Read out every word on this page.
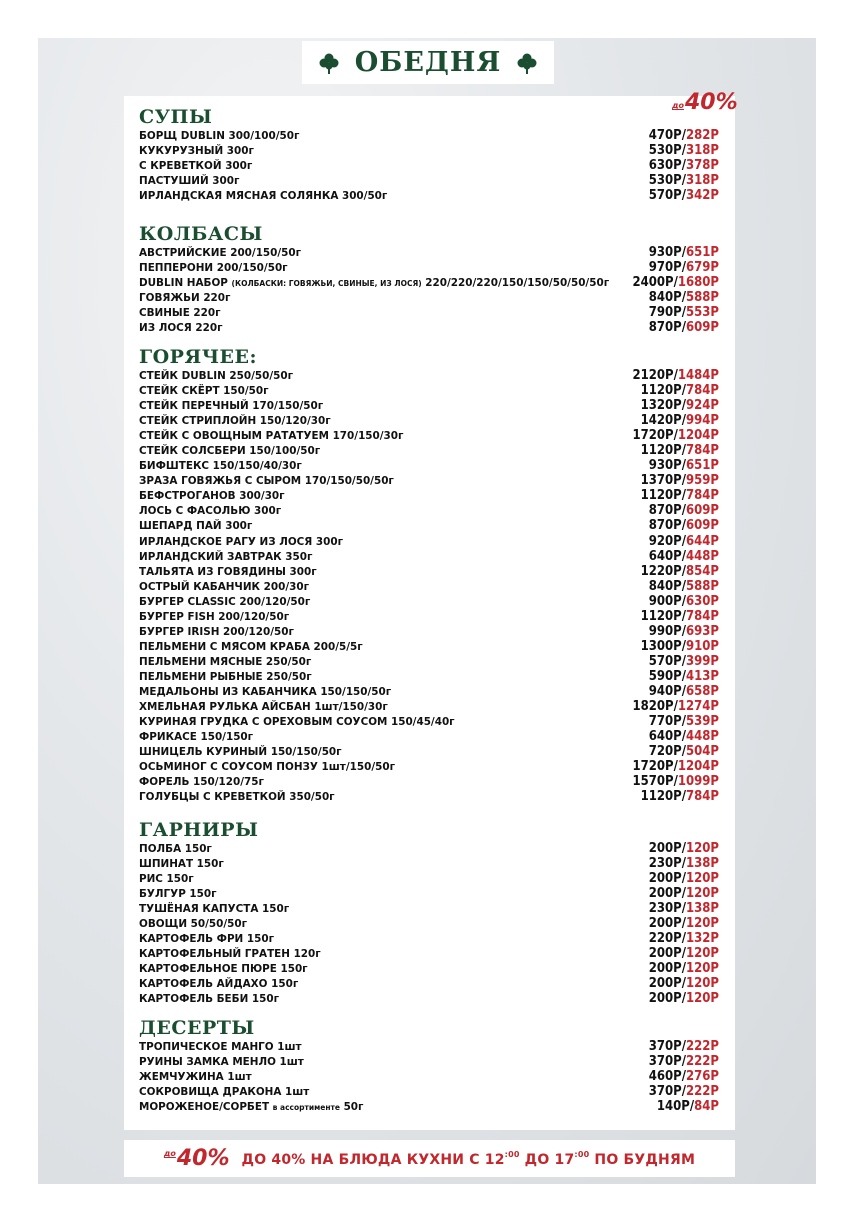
ОБЕДНЯ
до 40%
СУПЫ
БОРЩ DUBLIN 300/100/50г	470Р/282Р
КУКУРУЗНЫЙ 300г	530Р/318Р
С КРЕВЕТКОЙ 300г	630Р/378Р
ПАСТУШИЙ 300г	530Р/318Р
ИРЛАНДСКАЯ МЯСНАЯ СОЛЯНКА 300/50г	570Р/342Р
КОЛБАСЫ
АВСТРИЙСКИЕ 200/150/50г	930Р/651Р
ПЕППЕРОНИ 200/150/50г	970Р/679Р
DUBLIN НАБОР (КОЛБАСКИ: ГОВЯЖЬИ, СВИНЫЕ, ИЗ ЛОСЯ) 220/220/220/150/150/50/50/50г 2400Р/1680Р
ГОВЯЖЬИ 220г	840Р/588Р
СВИНЫЕ 220г	790Р/553Р
ИЗ ЛОСЯ 220г	870Р/609Р
ГОРЯЧЕЕ:
СТЕЙК DUBLIN 250/50/50г	2120Р/1484Р
СТЕЙК СКЁРТ 150/50г	1120Р/784Р
СТЕЙК ПЕРЕЧНЫЙ 170/150/50г	1320Р/924Р
СТЕЙК СТРИПЛОЙН 150/120/30г	1420Р/994Р
СТЕЙК С ОВОЩНЫМ РАТАТУЕМ 170/150/30г	1720Р/1204Р
СТЕЙК СОЛСБЕРИ 150/100/50г	1120Р/784Р
БИФШТЕКС 150/150/40/30г	930Р/651Р
ЗРАЗА ГОВЯЖЬЯ С СЫРОМ 170/150/50/50г	1370Р/959Р
БЕФСТРОГАНОВ 300/30г	1120Р/784Р
ЛОСЬ С ФАСОЛЬЮ 300г	870Р/609Р
ШЕПАРД ПАЙ 300г	870Р/609Р
ИРЛАНДСКОЕ РАГУ ИЗ ЛОСЯ 300г	920Р/644Р
ИРЛАНДСКИЙ ЗАВТРАК 350г	640Р/448Р
ТАЛЬЯТА ИЗ ГОВЯДИНЫ 300г	1220Р/854Р
ОСТРЫЙ КАБАНЧИК 200/30г	840Р/588Р
БУРГЕР CLASSIC 200/120/50г	900Р/630Р
БУРГЕР FISH 200/120/50г	1120Р/784Р
БУРГЕР IRISH 200/120/50г	990Р/693Р
ПЕЛЬМЕНИ С МЯСОМ КРАБА 200/5/5г	1300Р/910Р
ПЕЛЬМЕНИ МЯСНЫЕ 250/50г	570Р/399Р
ПЕЛЬМЕНИ РЫБНЫЕ 250/50г	590Р/413Р
МЕДАЛЬОНЫ ИЗ КАБАНЧИКА 150/150/50г	940Р/658Р
ХМЕЛЬНАЯ РУЛЬКА АЙСБАН 1шт/150/30г	1820Р/1274Р
КУРИНАЯ ГРУДКА С ОРЕХОВЫМ СОУСОМ 150/45/40г	770Р/539Р
ФРИКАСЕ 150/150г	640Р/448Р
ШНИЦЕЛЬ КУРИНЫЙ 150/150/50г	720Р/504Р
ОСЬМИНОГ С СОУСОМ ПОНЗУ 1шт/150/50г	1720Р/1204Р
ФОРЕЛЬ 150/120/75г	1570Р/1099Р
ГОЛУБЦЫ С КРЕВЕТКОЙ 350/50г	1120Р/784Р
ГАРНИРЫ
ПОЛБА 150г	200Р/120Р
ШПИНАТ 150г	230Р/138Р
РИС 150г	200Р/120Р
БУЛГУР 150г	200Р/120Р
ТУШЁНАЯ КАПУСТА 150г	230Р/138Р
ОВОЩИ 50/50/50г	200Р/120Р
КАРТОФЕЛЬ ФРИ 150г	220Р/132Р
КАРТОФЕЛЬНЫЙ ГРАТЕН 120г	200Р/120Р
КАРТОФЕЛЬНОЕ ПЮРЕ 150г	200Р/120Р
КАРТОФЕЛЬ АЙДАХО 150г	200Р/120Р
КАРТОФЕЛЬ БЕБИ 150г	200Р/120Р
ДЕСЕРТЫ
ТРОПИЧЕСКОЕ МАНГО 1шт	370Р/222Р
РУИНЫ ЗАМКА МЕНЛО 1шт	370Р/222Р
ЖЕМЧУЖИНА 1шт	460Р/276Р
СОКРОВИЩА ДРАКОНА 1шт	370Р/222Р
МОРОЖЕНОЕ/СОРБЕТ в ассортименте 50г	140Р/84Р
до 40% ДО 40% НА БЛЮДА КУХНИ С $12^{:00}$ ДО $17^{:00}$ ПО БУДНЯМ
